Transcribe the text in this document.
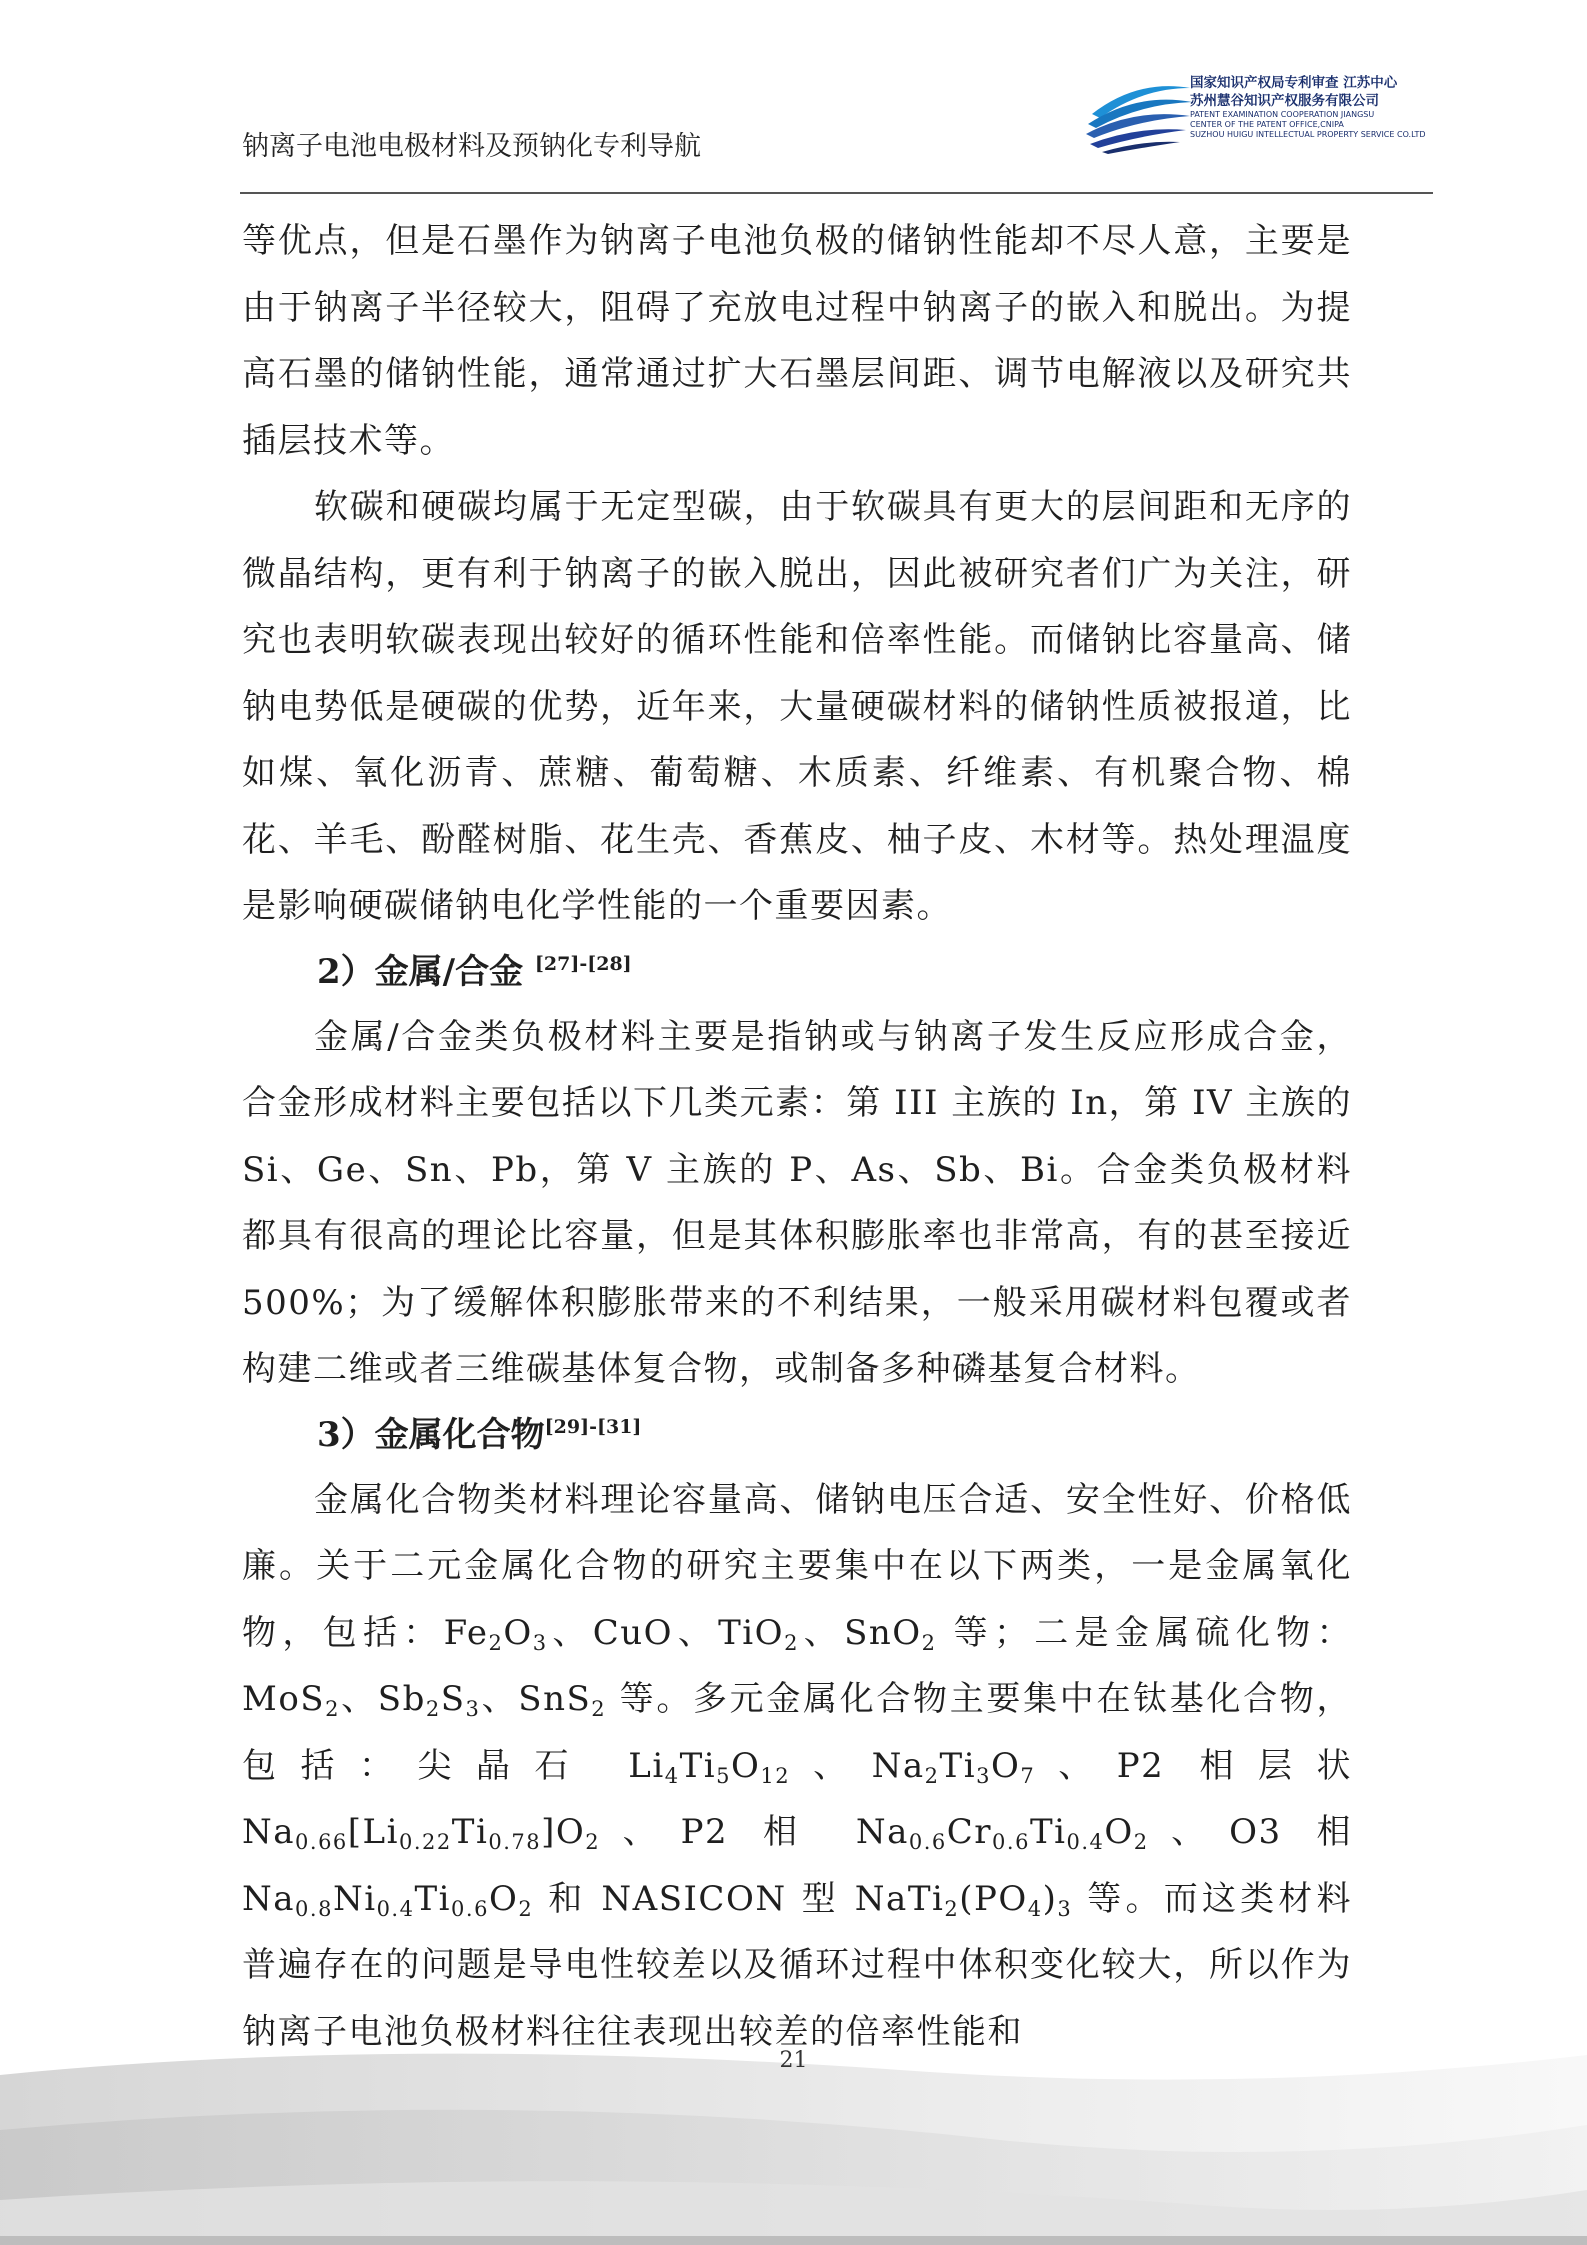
钠离子电池电极材料及预钠化专利导航
国家知识产权局专利审查 江苏中心
苏州慧谷知识产权服务有限公司
PATENT EXAMINATION COOPERATION JIANGSU
CENTER OF THE PATENT OFFICE,CNIPA
SUZHOU HUIGU INTELLECTUAL PROPERTY SERVICE CO.LTD

等优点，但是石墨作为钠离子电池负极的储钠性能却不尽人意，主要是由于钠离子半径较大，阻碍了充放电过程中钠离子的嵌入和脱出。为提高石墨的储钠性能，通常通过扩大石墨层间距、调节电解液以及研究共插层技术等。

软碳和硬碳均属于无定型碳，由于软碳具有更大的层间距和无序的微晶结构，更有利于钠离子的嵌入脱出，因此被研究者们广为关注，研究也表明软碳表现出较好的循环性能和倍率性能。而储钠比容量高、储钠电势低是硬碳的优势，近年来，大量硬碳材料的储钠性质被报道，比如煤、氧化沥青、蔗糖、葡萄糖、木质素、纤维素、有机聚合物、棉花、羊毛、酚醛树脂、花生壳、香蕉皮、柚子皮、木材等。热处理温度是影响硬碳储钠电化学性能的一个重要因素。

2）金属/合金 [27]-[28]

金属/合金类负极材料主要是指钠或与钠离子发生反应形成合金，合金形成材料主要包括以下几类元素：第 III 主族的 In，第 IV 主族的 Si、Ge、Sn、Pb，第 V 主族的 P、As、Sb、Bi。合金类负极材料都具有很高的理论比容量，但是其体积膨胀率也非常高，有的甚至接近 500%；为了缓解体积膨胀带来的不利结果，一般采用碳材料包覆或者构建二维或者三维碳基体复合物，或制备多种磷基复合材料。

3）金属化合物[29]-[31]

金属化合物类材料理论容量高、储钠电压合适、安全性好、价格低廉。关于二元金属化合物的研究主要集中在以下两类，一是金属氧化物，包括：$Fe_2O_3$、CuO、TiO$_2$、SnO$_2$ 等；二是金属硫化物：MoS$_2$、$Sb_2S_3$、SnS$_2$ 等。多元金属化合物主要集中在钛基化合物，包括：尖晶石 $Li_4Ti_5O_{12}$、$Na_2Ti_3O_7$、P2 相层状 $Na_{0.66}[Li_{0.22}Ti_{0.78}]O_2$、P2 相 $Na_{0.6}Cr_{0.6}Ti_{0.4}O_2$、O3 相 $Na_{0.8}Ni_{0.4}Ti_{0.6}O_2$ 和 NASICON 型 $NaTi_2(PO_4)_3$ 等。而这类材料普遍存在的问题是导电性较差以及循环过程中体积变化较大，所以作为钠离子电池负极材料往往表现出较差的倍率性能和

21
